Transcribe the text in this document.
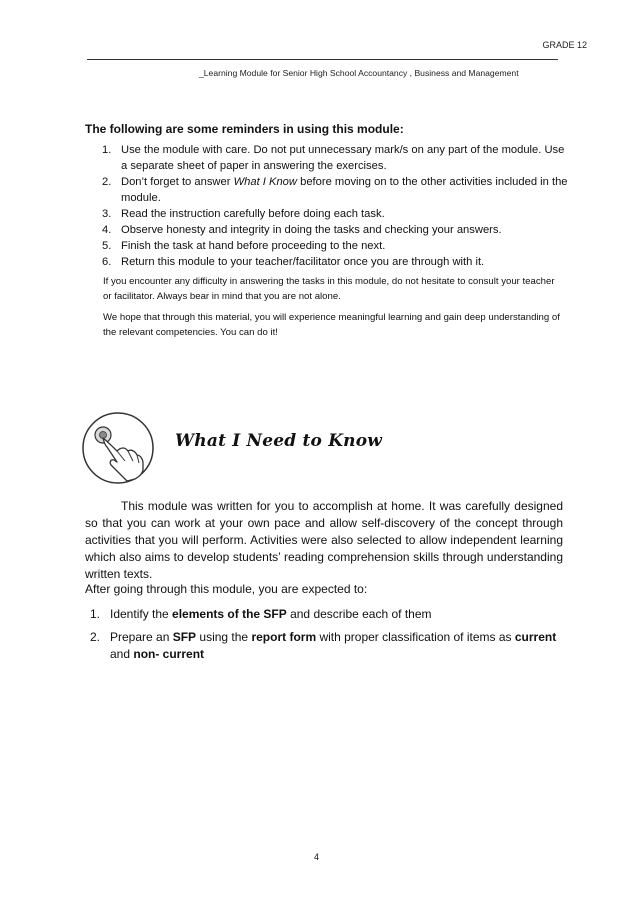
GRADE 12
_Learning Module for Senior High School Accountancy , Business and Management
The following are some reminders in using this module:
1. Use the module with care. Do not put unnecessary mark/s on any part of the module. Use a separate sheet of paper in answering the exercises.
2. Don’t forget to answer What I Know before moving on to the other activities included in the module.
3. Read the instruction carefully before doing each task.
4. Observe honesty and integrity in doing the tasks and checking your answers.
5. Finish the task at hand before proceeding to the next.
6. Return this module to your teacher/facilitator once you are through with it.
If you encounter any difficulty in answering the tasks in this module, do not hesitate to consult your teacher or facilitator. Always bear in mind that you are not alone.
We hope that through this material, you will experience meaningful learning and gain deep understanding of the relevant competencies. You can do it!
What I Need to Know
This module was written for you to accomplish at home. It was carefully designed so that you can work at your own pace and allow self-discovery of the concept through activities that you will perform. Activities were also selected to allow independent learning which also aims to develop students’ reading comprehension skills through understanding written texts.
After going through this module, you are expected to:
1. Identify the elements of the SFP and describe each of them
2. Prepare an SFP using the report form with proper classification of items as current and non- current
4
